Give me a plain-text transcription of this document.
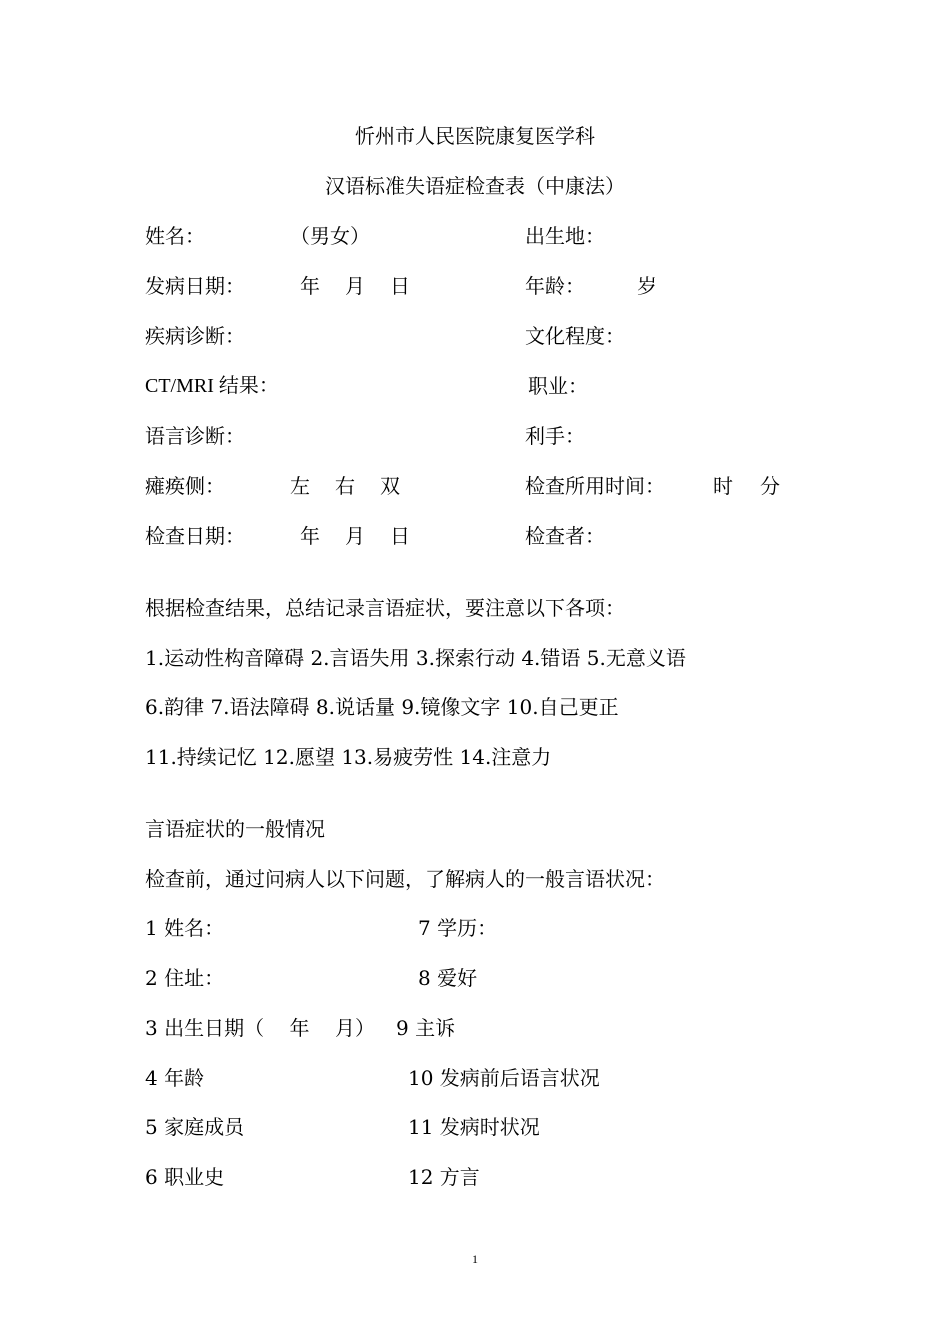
忻州市人民医院康复医学科
汉语标准失语症检查表（中康法）
姓名：	（男女）	出生地：
发病日期：	年 月 日	年龄：	岁
疾病诊断：	文化程度：
CT/MRI 结果：	职业：
语言诊断：	利手：
瘫痪侧：	左 右 双	检查所用时间： 时 分
检查日期：	年 月 日	检查者：
根据检查结果，总结记录言语症状，要注意以下各项：
1.运动性构音障碍 2.言语失用 3.探索行动 4.错语 5.无意义语
6.韵律 7.语法障碍 8.说话量 9.镜像文字 10.自己更正
11.持续记忆 12.愿望 13.易疲劳性 14.注意力
言语症状的一般情况
检查前，通过问病人以下问题，了解病人的一般言语状况：
1 姓名：	7 学历：
2 住址：	8 爱好
3 出生日期（    年    月） 9 主诉
4 年龄	10 发病前后语言状况
5 家庭成员	11 发病时状况
6 职业史	12 方言
1
